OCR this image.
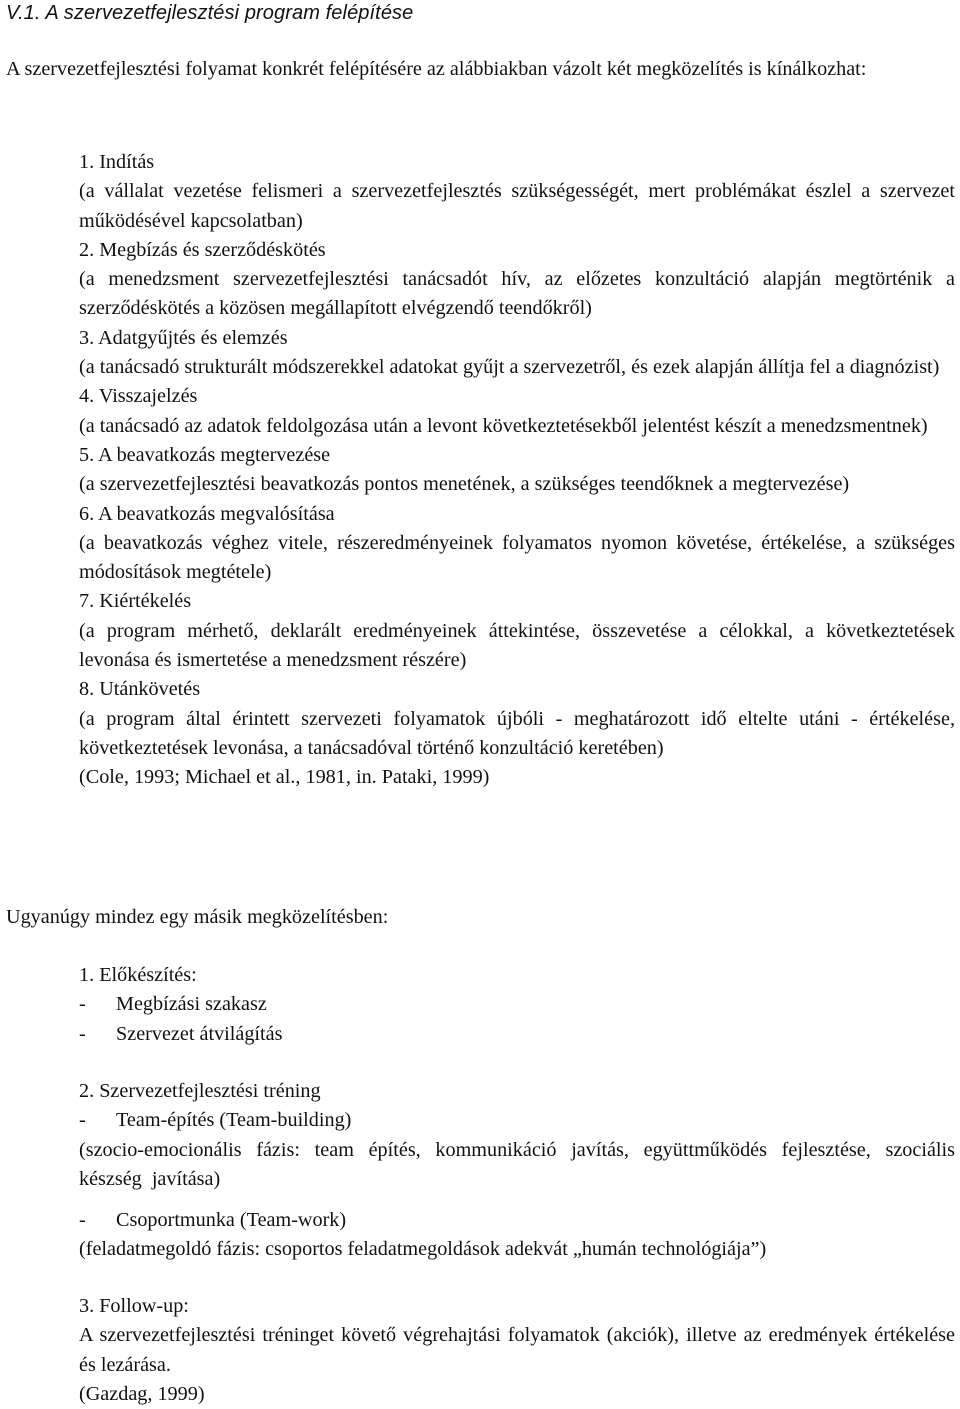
V.1. A szervezetfejlesztési program felépítése

A szervezetfejlesztési folyamat konkrét felépítésére az alábbiakban vázolt két megközelítés is kínálkozhat:

1. Indítás
(a vállalat vezetése felismeri a szervezetfejlesztés szükségességét, mert problémákat észlel a szervezet működésével kapcsolatban)
2. Megbízás és szerződéskötés
(a menedzsment szervezetfejlesztési tanácsadót hív, az előzetes konzultáció alapján megtörténik a szerződéskötés a közösen megállapított elvégzendő teendőkről)
3. Adatgyűjtés és elemzés
(a tanácsadó strukturált módszerekkel adatokat gyűjt a szervezetről, és ezek alapján állítja fel a diagnózist)
4. Visszajelzés
(a tanácsadó az adatok feldolgozása után a levont következtetésekből jelentést készít a menedzsmentnek)
5. A beavatkozás megtervezése
(a szervezetfejlesztési beavatkozás pontos menetének, a szükséges teendőknek a megtervezése)
6. A beavatkozás megvalósítása
(a beavatkozás véghez vitele, részeredményeinek folyamatos nyomon követése, értékelése, a szükséges módosítások megtétele)
7. Kiértékelés
(a program mérhető, deklarált eredményeinek áttekintése, összevetése a célokkal, a következtetések levonása és ismertetése a menedzsment részére)
8. Utánkövetés
(a program által érintett szervezeti folyamatok újbóli - meghatározott idő eltelte utáni - értékelése, következtetések levonása, a tanácsadóval történő konzultáció keretében)
(Cole, 1993; Michael et al., 1981, in. Pataki, 1999)

Ugyanúgy mindez egy másik megközelítésben:

1. Előkészítés:
- Megbízási szakasz
- Szervezet átvilágítás
2. Szervezetfejlesztési tréning
- Team-építés (Team-building)
(szocio-emocionális fázis: team építés, kommunikáció javítás, együttműködés fejlesztése, szociális készség javítása)
- Csoportmunka (Team-work)
(feladatmegoldó fázis: csoportos feladatmegoldások adekvát „humán technológiája”)
3. Follow-up:
A szervezetfejlesztési tréninget követő végrehajtási folyamatok (akciók), illetve az eredmények értékelése és lezárása.
(Gazdag, 1999)
